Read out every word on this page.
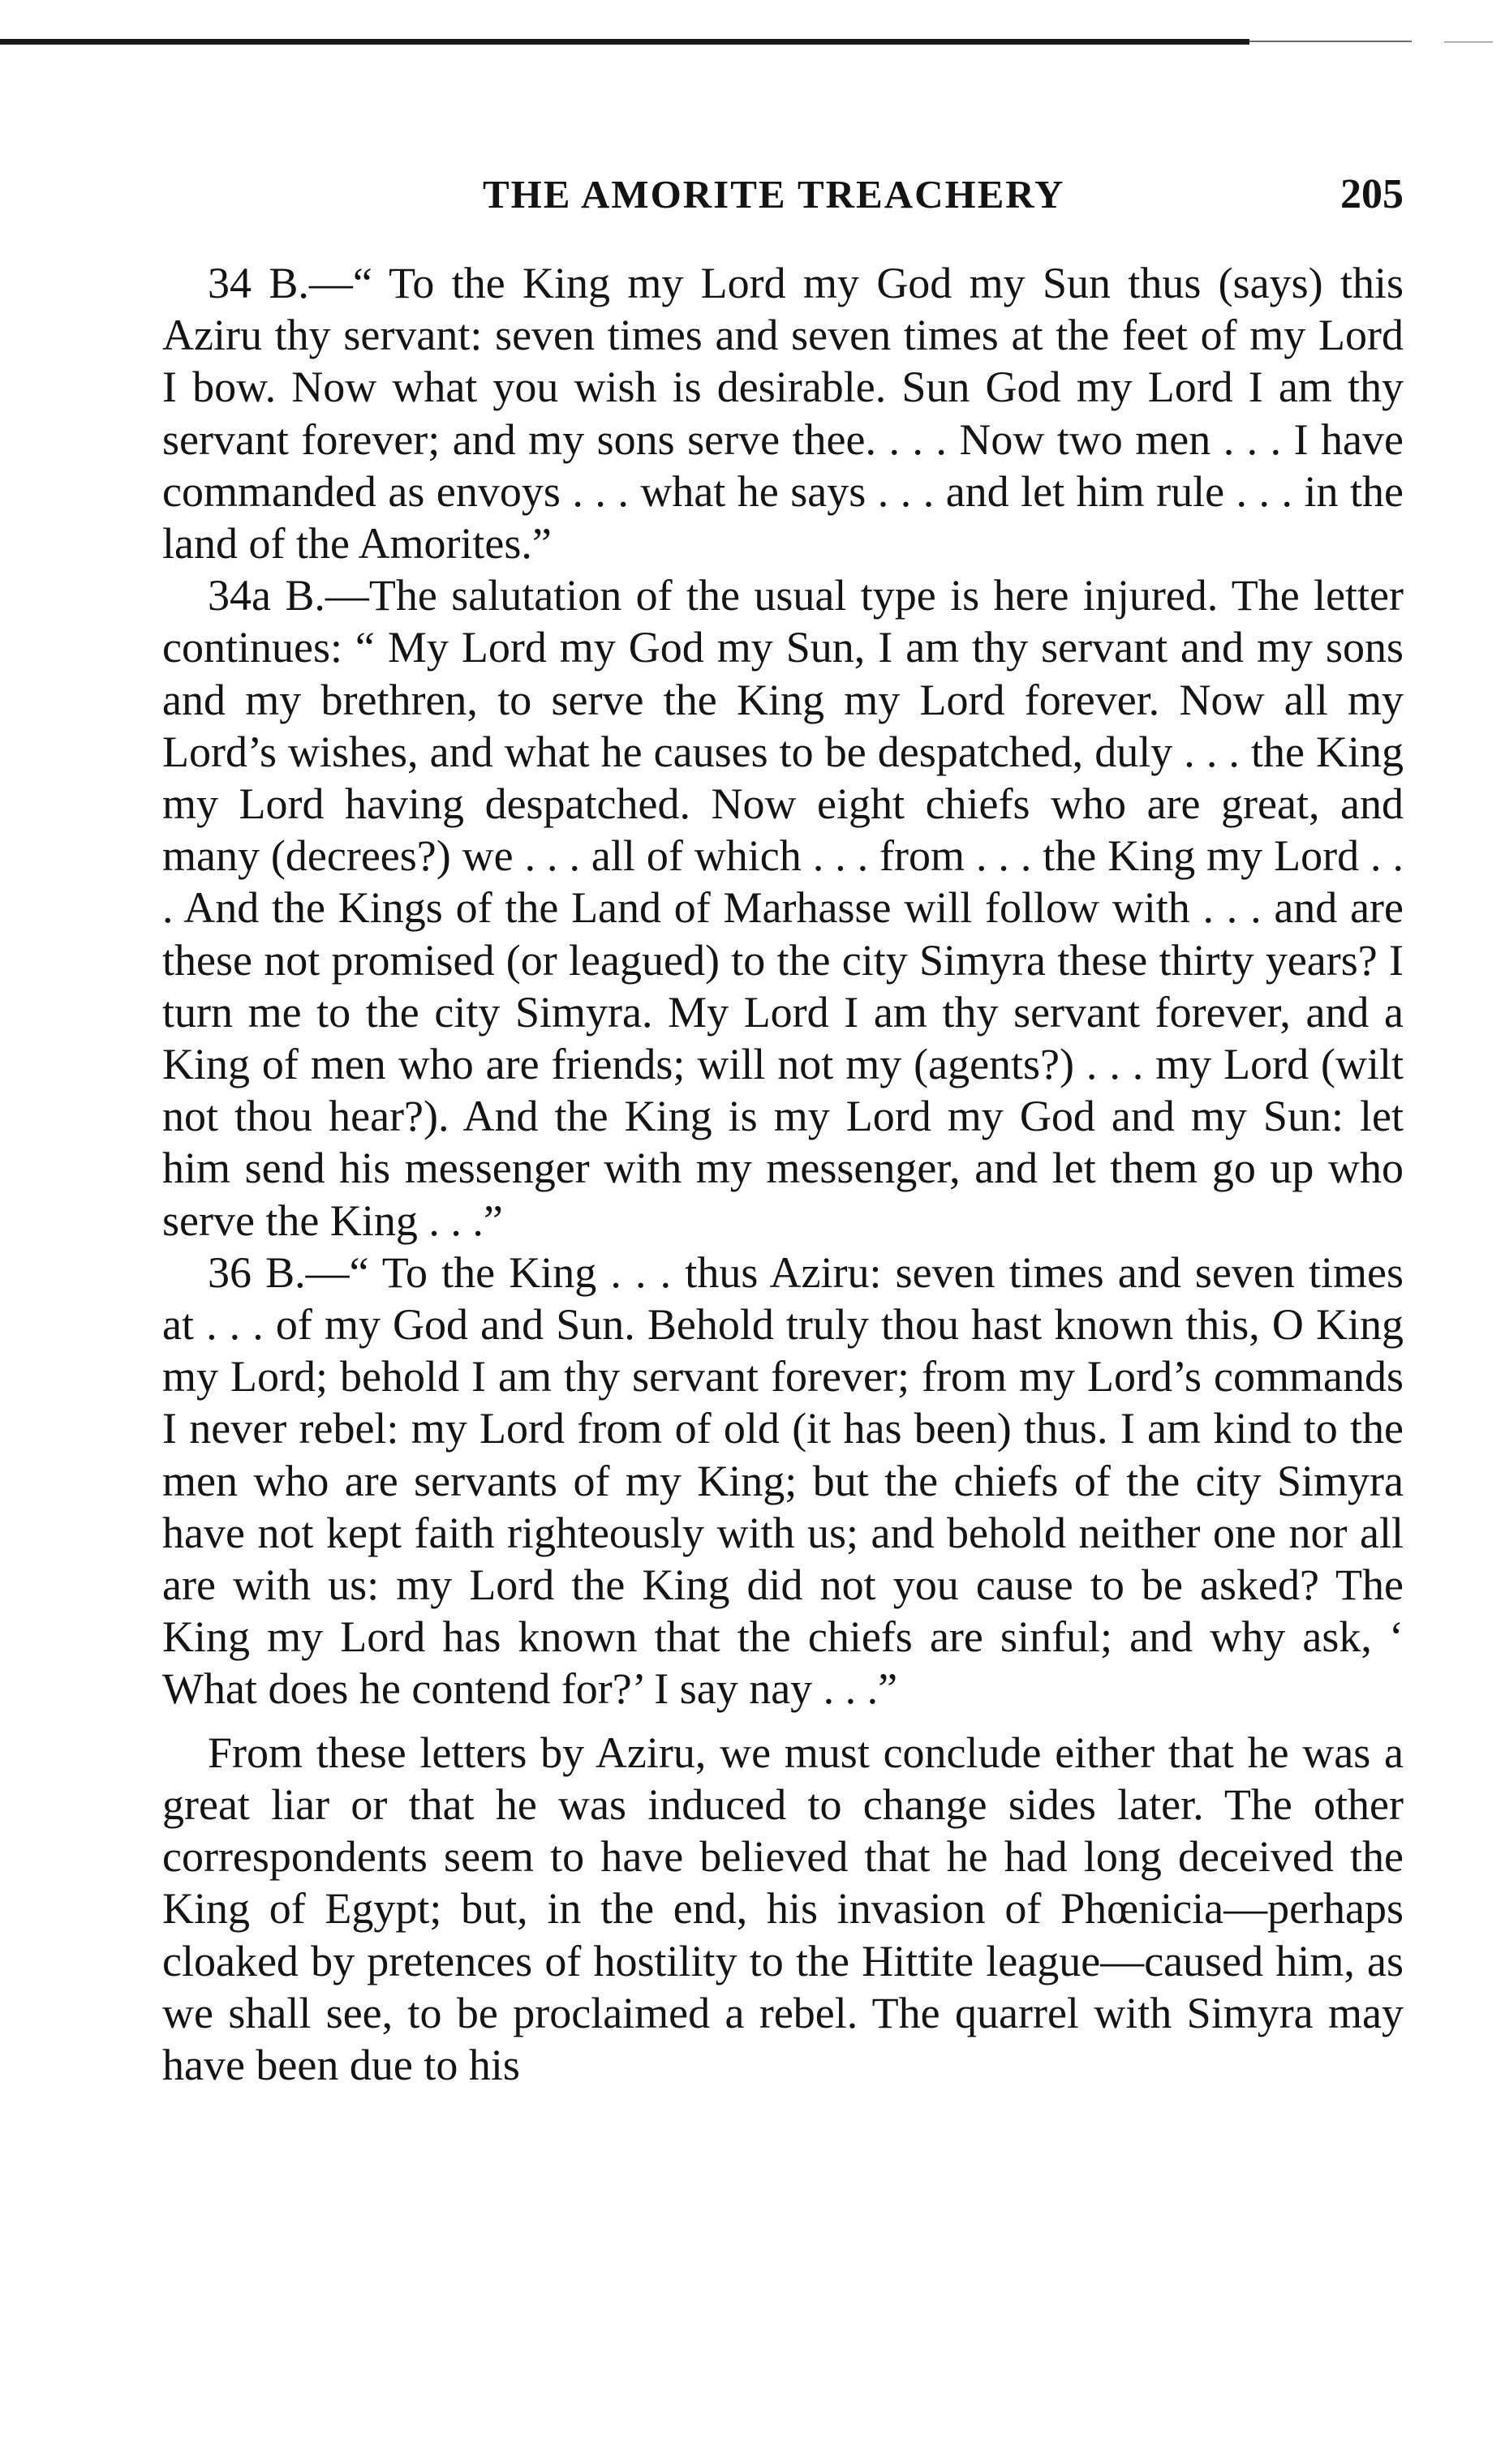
THE AMORITE TREACHERY	205

34 B.—“ To the King my Lord my God my Sun thus (says) this Aziru thy servant: seven times and seven times at the feet of my Lord I bow. Now what you wish is desirable. Sun God my Lord I am thy servant forever; and my sons serve thee. . . . Now two men . . . I have commanded as envoys . . . what he says . . . and let him rule . . . in the land of the Amorites.”

34a B.—The salutation of the usual type is here injured. The letter continues: “ My Lord my God my Sun, I am thy servant and my sons and my brethren, to serve the King my Lord forever. Now all my Lord’s wishes, and what he causes to be despatched, duly . . . the King my Lord having despatched. Now eight chiefs who are great, and many (decrees?) we . . . all of which . . . from . . . the King my Lord . . . And the Kings of the Land of Marhasse will follow with . . . and are these not promised (or leagued) to the city Simyra these thirty years? I turn me to the city Simyra. My Lord I am thy servant forever, and a King of men who are friends; will not my (agents?) . . . my Lord (wilt not thou hear?). And the King is my Lord my God and my Sun: let him send his messenger with my messenger, and let them go up who serve the King . . .”

36 B.—“ To the King . . . thus Aziru: seven times and seven times at . . . of my God and Sun. Behold truly thou hast known this, O King my Lord; behold I am thy servant forever; from my Lord’s commands I never rebel: my Lord from of old (it has been) thus. I am kind to the men who are servants of my King; but the chiefs of the city Simyra have not kept faith righteously with us; and behold neither one nor all are with us: my Lord the King did not you cause to be asked? The King my Lord has known that the chiefs are sinful; and why ask, ‘ What does he contend for?’ I say nay . . .”

From these letters by Aziru, we must conclude either that he was a great liar or that he was induced to change sides later. The other correspondents seem to have believed that he had long deceived the King of Egypt; but, in the end, his invasion of Phœnicia—perhaps cloaked by pretences of hostility to the Hittite league—caused him, as we shall see, to be proclaimed a rebel. The quarrel with Simyra may have been due to his
